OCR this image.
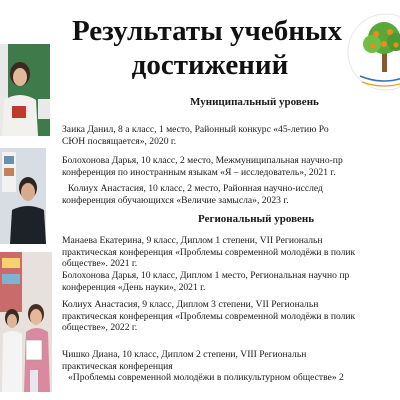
Результаты учебных
достижений
Муниципальный уровень
Заика Данил, 8 а класс, 1 место, Районный конкурс «45-летию Ро
СЮН посвящается», 2020 г.
Болохонова Дарья, 10 класс, 2 место, Межмуниципальная научно-пр
конференция по иностранным языкам «Я – исследователь», 2021 г.
Колиух Анастасия, 10 класс, 2 место, Районная научно-исслед
конференция обучающихся «Величие замысла», 2023 г.
Региональный уровень
Манаева Екатерина, 9 класс, Диплом 1 степени, VII Региональн
практическая конференция «Проблемы современной молодёжи в полик
обществе». 2021 г.
Болохонова Дарья, 10 класс, Диплом 1 место, Региональная научно пр
конференция «День науки», 2021 г.
Колиух Анастасия, 9 класс, Диплом 3 степени, VII Региональн
практическая конференция «Проблемы современной молодёжи в полик
обществе», 2022 г.
Чишко Диана, 10 класс, Диплом 2 степени, VIII Региональн
практическая конференция
«Проблемы современной молодёжи в поликультурном обществе» 2
